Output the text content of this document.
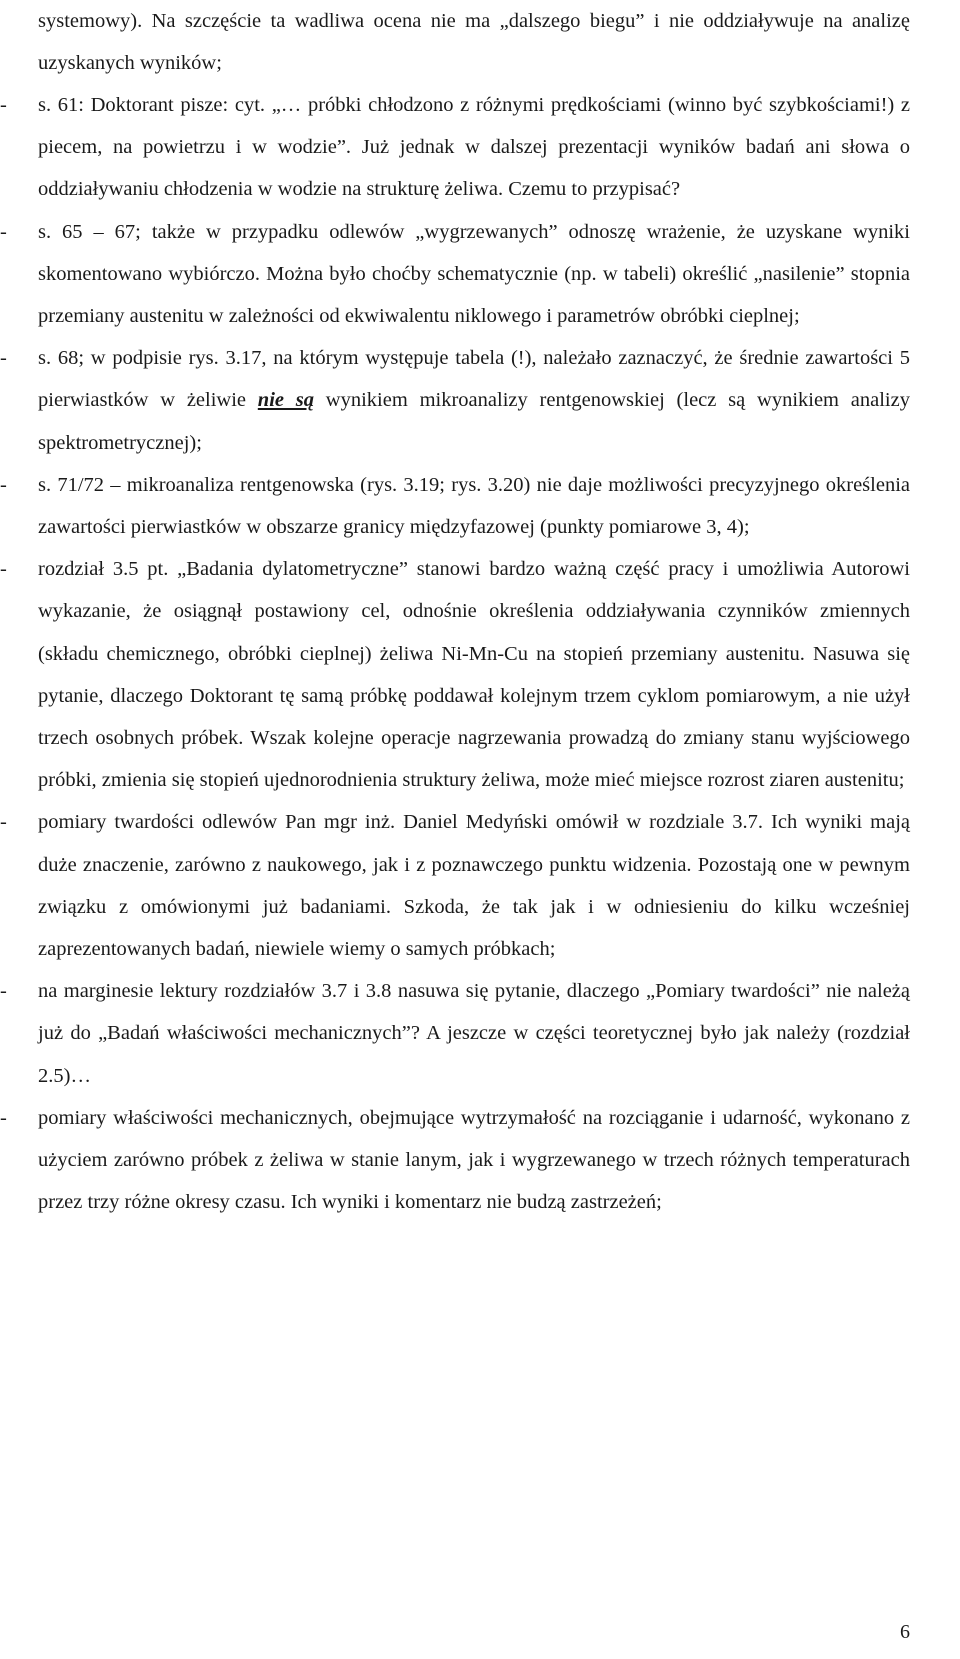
systemowy). Na szczęście ta wadliwa ocena nie ma „dalszego biegu” i nie oddziaływuje na analizę uzyskanych wyników;
- s. 61: Doktorant pisze: cyt. „… próbki chłodzono z różnymi prędkościami (winno być szybkościami!) z piecem, na powietrzu i w wodzie”. Już jednak w dalszej prezentacji wyników badań ani słowa o oddziaływaniu chłodzenia w wodzie na strukturę żeliwa. Czemu to przypisać?
- s. 65 – 67; także w przypadku odlewów „wygrzewanych” odnoszę wrażenie, że uzyskane wyniki skomentowano wybiórczo. Można było choćby schematycznie (np. w tabeli) określić „nasilenie” stopnia przemiany austenitu w zależności od ekwiwalentu niklowego i parametrów obróbki cieplnej;
- s. 68; w podpisie rys. 3.17, na którym występuje tabela (!), należało zaznaczyć, że średnie zawartości 5 pierwiastków w żeliwie nie są wynikiem mikroanalizy rentgenowskiej (lecz są wynikiem analizy spektrometrycznej);
- s. 71/72 – mikroanaliza rentgenowska (rys. 3.19; rys. 3.20) nie daje możliwości precyzyjnego określenia zawartości pierwiastków w obszarze granicy międzyfazowej (punkty pomiarowe 3, 4);
- rozdział 3.5 pt. „Badania dylatometryczne” stanowi bardzo ważną część pracy i umożliwia Autorowi wykazanie, że osiągnął postawiony cel, odnośnie określenia oddziaływania czynników zmiennych (składu chemicznego, obróbki cieplnej) żeliwa Ni-Mn-Cu na stopień przemiany austenitu. Nasuwa się pytanie, dlaczego Doktorant tę samą próbkę poddawał kolejnym trzem cyklom pomiarowym, a nie użył trzech osobnych próbek. Wszak kolejne operacje nagrzewania prowadzą do zmiany stanu wyjściowego próbki, zmienia się stopień ujednorodnienia struktury żeliwa, może mieć miejsce rozrost ziaren austenitu;
- pomiary twardości odlewów Pan mgr inż. Daniel Medyński omówił w rozdziale 3.7. Ich wyniki mają duże znaczenie, zarówno z naukowego, jak i z poznawczego punktu widzenia. Pozostają one w pewnym związku z omówionymi już badaniami. Szkoda, że tak jak i w odniesieniu do kilku wcześniej zaprezentowanych badań, niewiele wiemy o samych próbkach;
- na marginesie lektury rozdziałów 3.7 i 3.8 nasuwa się pytanie, dlaczego „Pomiary twardości” nie należą już do „Badań właściwości mechanicznych”? A jeszcze w części teoretycznej było jak należy (rozdział 2.5)…
- pomiary właściwości mechanicznych, obejmujące wytrzymałość na rozciąganie i udarność, wykonano z użyciem zarówno próbek z żeliwa w stanie lanym, jak i wygrzewanego w trzech różnych temperaturach przez trzy różne okresy czasu. Ich wyniki i komentarz nie budzą zastrzeżeń;
6
